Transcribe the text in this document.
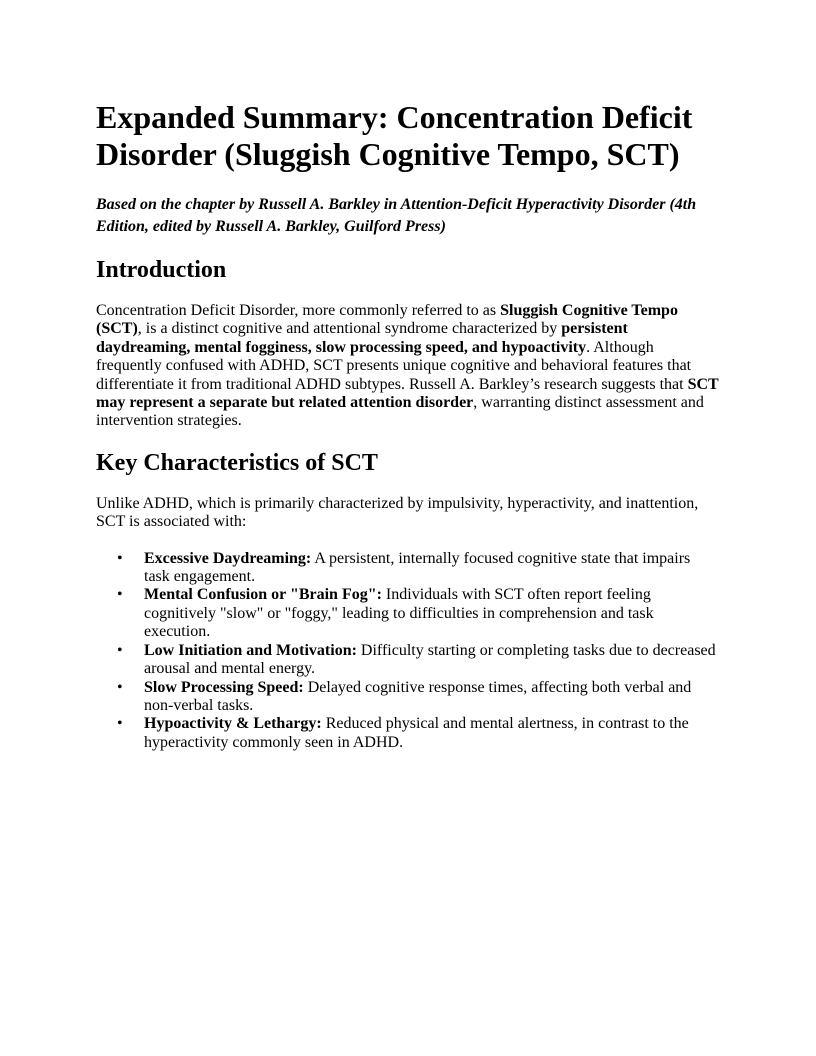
Expanded Summary: Concentration Deficit Disorder (Sluggish Cognitive Tempo, SCT)
Based on the chapter by Russell A. Barkley in Attention-Deficit Hyperactivity Disorder (4th Edition, edited by Russell A. Barkley, Guilford Press)
Introduction

Concentration Deficit Disorder, more commonly referred to as Sluggish Cognitive Tempo (SCT), is a distinct cognitive and attentional syndrome characterized by persistent daydreaming, mental fogginess, slow processing speed, and hypoactivity. Although frequently confused with ADHD, SCT presents unique cognitive and behavioral features that differentiate it from traditional ADHD subtypes. Russell A. Barkley’s research suggests that SCT may represent a separate but related attention disorder, warranting distinct assessment and intervention strategies.

Key Characteristics of SCT

Unlike ADHD, which is primarily characterized by impulsivity, hyperactivity, and inattention, SCT is associated with:

• Excessive Daydreaming: A persistent, internally focused cognitive state that impairs task engagement.
• Mental Confusion or "Brain Fog": Individuals with SCT often report feeling cognitively "slow" or "foggy," leading to difficulties in comprehension and task execution.
• Low Initiation and Motivation: Difficulty starting or completing tasks due to decreased arousal and mental energy.
• Slow Processing Speed: Delayed cognitive response times, affecting both verbal and non-verbal tasks.
• Hypoactivity & Lethargy: Reduced physical and mental alertness, in contrast to the hyperactivity commonly seen in ADHD.
